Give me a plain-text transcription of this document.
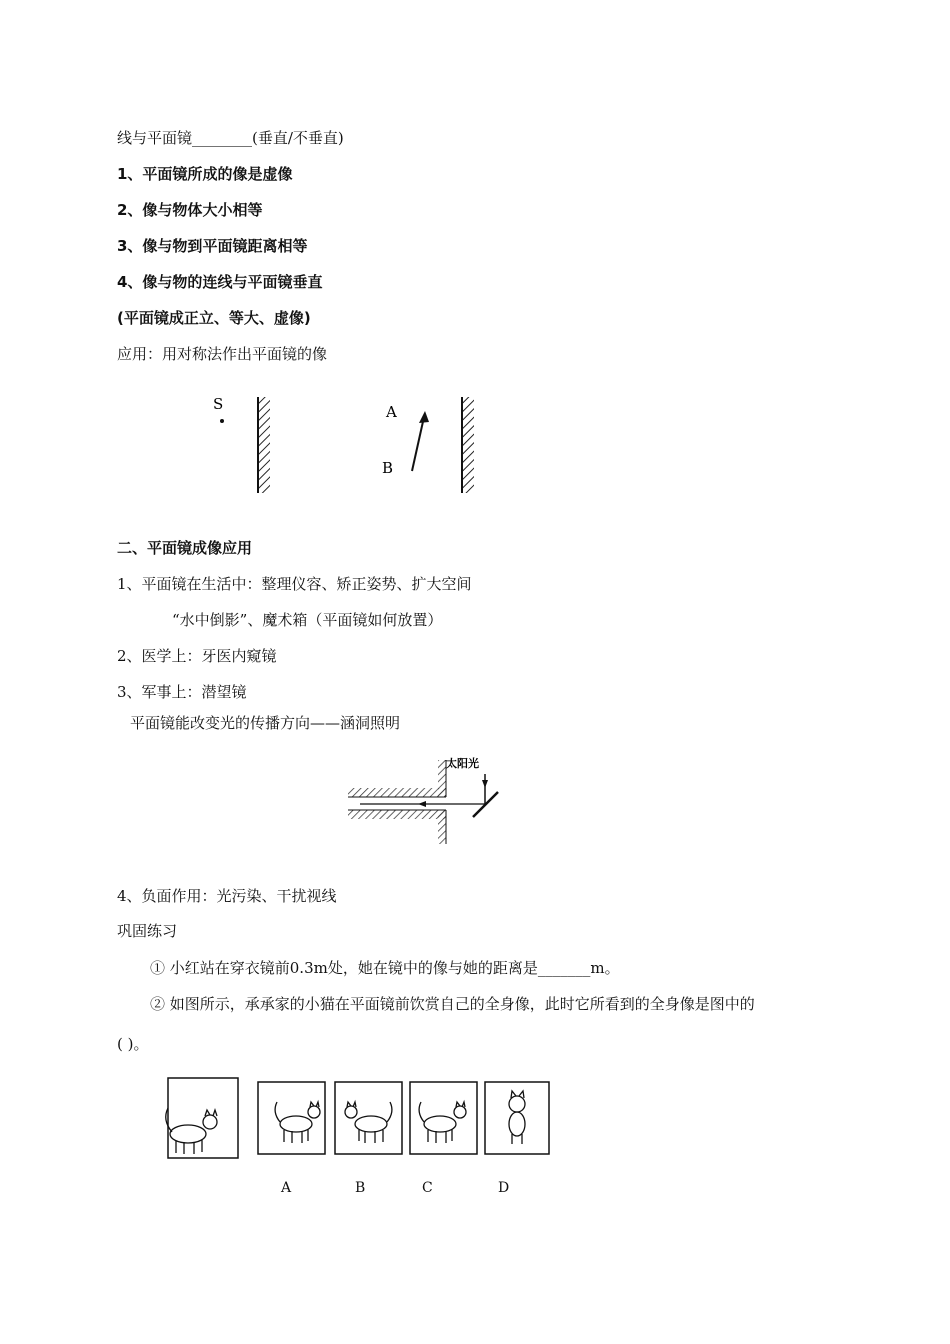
线与平面镜________(垂直/不垂直)
1、平面镜所成的像是虚像
2、像与物体大小相等
3、像与物到平面镜距离相等
4、像与物的连线与平面镜垂直
(平面镜成正立、等大、虚像)
应用：用对称法作出平面镜的像
S	A
B
二、平面镜成像应用
1、平面镜在生活中：整理仪容、矫正姿势、扩大空间
“水中倒影”、魔术箱（平面镜如何放置）
2、医学上：牙医内窥镜
3、军事上：潜望镜
平面镜能改变光的传播方向——涵洞照明
太阳光
4、负面作用：光污染、干扰视线
巩固练习
① 小红站在穿衣镜前0.3m处，她在镜中的像与她的距离是_______m。
② 如图所示，承承家的小猫在平面镜前饮赏自己的全身像，此时它所看到的全身像是图中的
( )。
A	B	C	D
